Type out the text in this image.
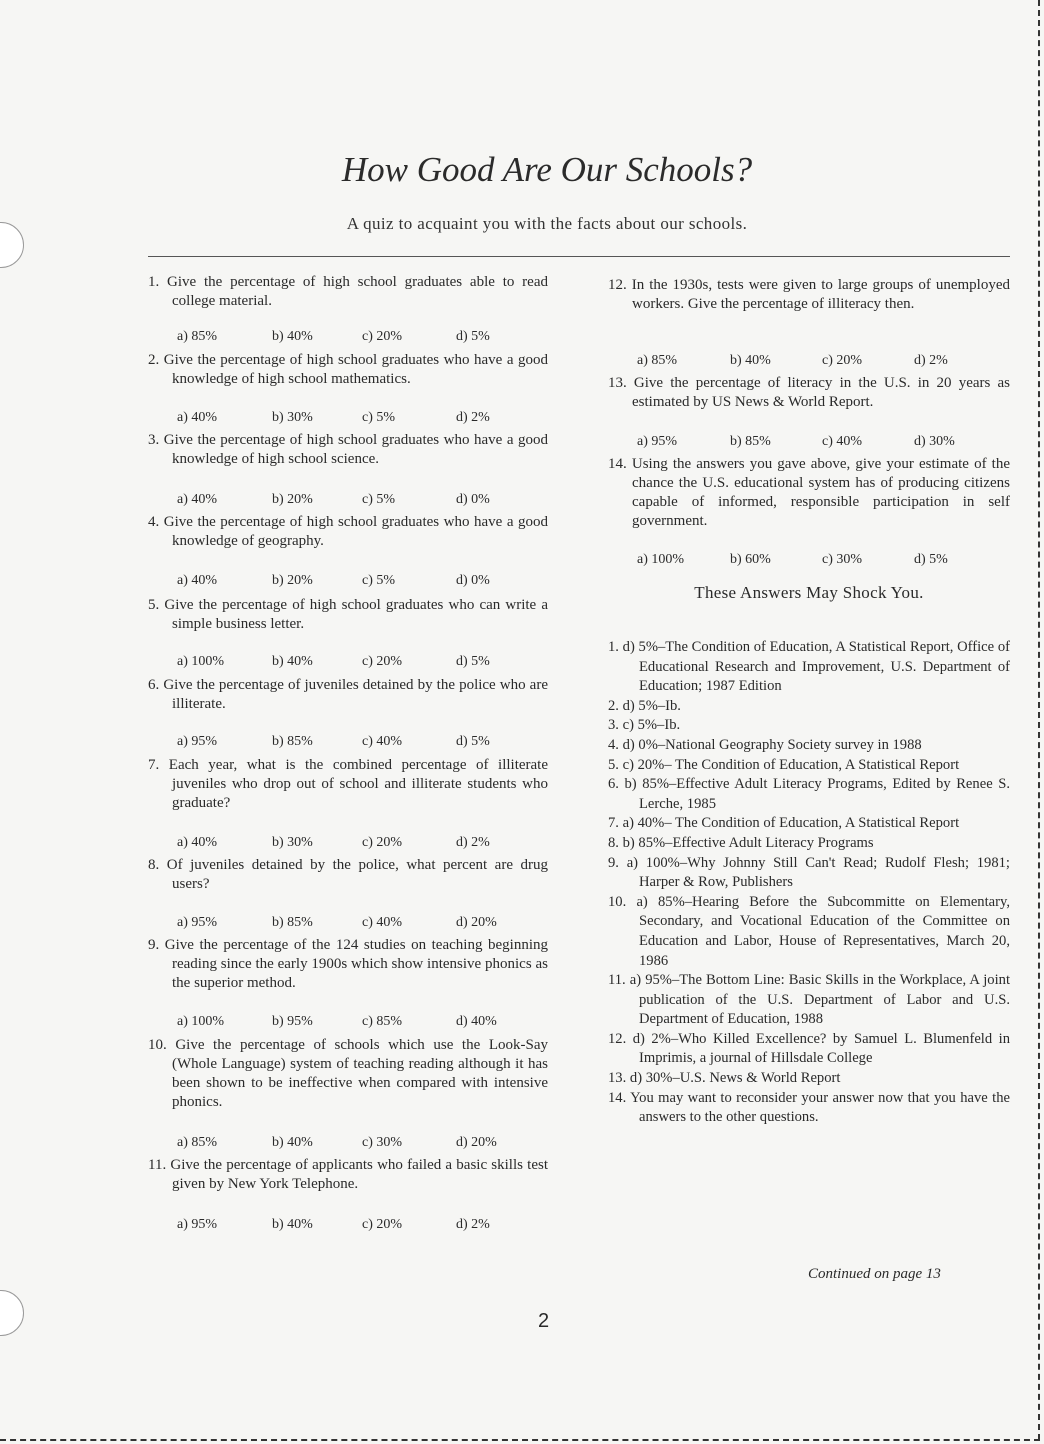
How Good Are Our Schools?
A quiz to acquaint you with the facts about our schools.
1. Give the percentage of high school graduates able to read college material.
a) 85%	b) 40%	c) 20%	d) 5%
2. Give the percentage of high school graduates who have a good knowledge of high school mathematics.
a) 40%	b) 30%	c) 5%	d) 2%
3. Give the percentage of high school graduates who have a good knowledge of high school science.
a) 40%	b) 20%	c) 5%	d) 0%
4. Give the percentage of high school graduates who have a good knowledge of geography.
a) 40%	b) 20%	c) 5%	d) 0%
5. Give the percentage of high school graduates who can write a simple business letter.
a) 100%	b) 40%	c) 20%	d) 5%
6. Give the percentage of juveniles detained by the police who are illiterate.
a) 95%	b) 85%	c) 40%	d) 5%
7. Each year, what is the combined percentage of illiterate juveniles who drop out of school and illiterate students who graduate?
a) 40%	b) 30%	c) 20%	d) 2%
8. Of juveniles detained by the police, what percent are drug users?
a) 95%	b) 85%	c) 40%	d) 20%
9. Give the percentage of the 124 studies on teaching beginning reading since the early 1900s which show intensive phonics as the superior method.
a) 100%	b) 95%	c) 85%	d) 40%
10. Give the percentage of schools which use the Look-Say (Whole Language) system of teaching reading although it has been shown to be ineffective when compared with intensive phonics.
a) 85%	b) 40%	c) 30%	d) 20%
11. Give the percentage of applicants who failed a basic skills test given by New York Telephone.
a) 95%	b) 40%	c) 20%	d) 2%
12. In the 1930s, tests were given to large groups of unemployed workers. Give the percentage of illiteracy then.
a) 85%	b) 40%	c) 20%	d) 2%
13. Give the percentage of literacy in the U.S. in 20 years as estimated by US News & World Report.
a) 95%	b) 85%	c) 40%	d) 30%
14. Using the answers you gave above, give your estimate of the chance the U.S. educational system has of producing citizens capable of informed, responsible participation in self government.
a) 100%	b) 60%	c) 30%	d) 5%
These Answers May Shock You.
1. d) 5%–The Condition of Education, A Statistical Report, Office of Educational Research and Improvement, U.S. Department of Education; 1987 Edition
2. d) 5%–Ib.
3. c) 5%–Ib.
4. d) 0%–National Geography Society survey in 1988
5. c) 20%– The Condition of Education, A Statistical Report
6. b) 85%–Effective Adult Literacy Programs, Edited by Renee S. Lerche, 1985
7. a) 40%– The Condition of Education, A Statistical Report
8. b) 85%–Effective Adult Literacy Programs
9. a) 100%–Why Johnny Still Can't Read; Rudolf Flesh; 1981; Harper & Row, Publishers
10. a) 85%–Hearing Before the Subcommitte on Elementary, Secondary, and Vocational Education of the Committee on Education and Labor, House of Representatives, March 20, 1986
11. a) 95%–The Bottom Line: Basic Skills in the Workplace, A joint publication of the U.S. Department of Labor and U.S. Department of Education, 1988
12. d) 2%–Who Killed Excellence? by Samuel L. Blumenfeld in Imprimis, a journal of Hillsdale College
13. d) 30%–U.S. News & World Report
14. You may want to reconsider your answer now that you have the answers to the other questions.
Continued on page 13
2
